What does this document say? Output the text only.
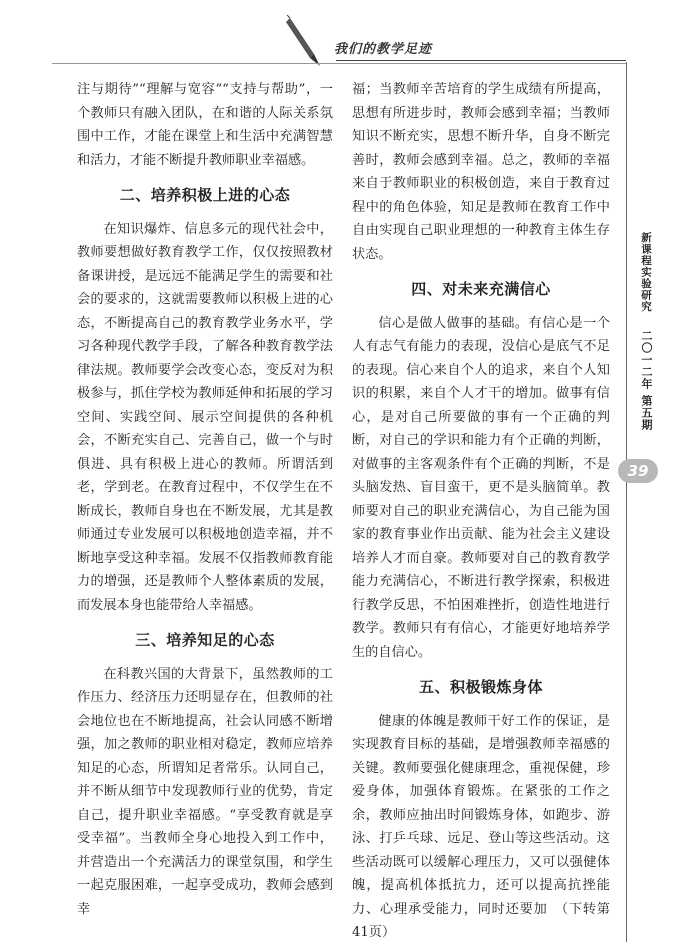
我们的教学足迹

注与期待”“理解与宽容”“支持与帮助”，一个教师只有融入团队，在和谐的人际关系氛围中工作，才能在课堂上和生活中充满智慧和活力，才能不断提升教师职业幸福感。

二、培养积极上进的心态

在知识爆炸、信息多元的现代社会中，教师要想做好教育教学工作，仅仅按照教材备课讲授，是远远不能满足学生的需要和社会的要求的，这就需要教师以积极上进的心态，不断提高自己的教育教学业务水平，学习各种现代教学手段，了解各种教育教学法律法规。教师要学会改变心态，变反对为积极参与，抓住学校为教师延伸和拓展的学习空间、实践空间、展示空间提供的各种机会，不断充实自己、完善自己，做一个与时俱进、具有积极上进心的教师。所谓活到老，学到老。在教育过程中，不仅学生在不断成长，教师自身也在不断发展，尤其是教师通过专业发展可以积极地创造幸福，并不断地享受这种幸福。发展不仅指教师教育能力的增强，还是教师个人整体素质的发展，而发展本身也能带给人幸福感。

三、培养知足的心态

在科教兴国的大背景下，虽然教师的工作压力、经济压力还明显存在，但教师的社会地位也在不断地提高，社会认同感不断增强，加之教师的职业相对稳定，教师应培养知足的心态，所谓知足者常乐。认同自己，并不断从细节中发现教师行业的优势，肯定自己，提升职业幸福感。“享受教育就是享受幸福”。当教师全身心地投入到工作中，并营造出一个充满活力的课堂氛围，和学生一起克服困难，一起享受成功，教师会感到幸

福；当教师辛苦培育的学生成绩有所提高，思想有所进步时，教师会感到幸福；当教师知识不断充实，思想不断升华，自身不断完善时，教师会感到幸福。总之，教师的幸福来自于教师职业的积极创造，来自于教育过程中的角色体验，知足是教师在教育工作中自由实现自己职业理想的一种教育主体生存状态。

四、对未来充满信心

信心是做人做事的基础。有信心是一个人有志气有能力的表现，没信心是底气不足的表现。信心来自个人的追求，来自个人知识的积累，来自个人才干的增加。做事有信心，是对自己所要做的事有一个正确的判断，对自己的学识和能力有个正确的判断，对做事的主客观条件有个正确的判断，不是头脑发热、盲目蛮干，更不是头脑简单。教师要对自己的职业充满信心，为自己能为国家的教育事业作出贡献、能为社会主义建设培养人才而自豪。教师要对自己的教育教学能力充满信心，不断进行教学探索，积极进行教学反思，不怕困难挫折，创造性地进行教学。教师只有有信心，才能更好地培养学生的自信心。

五、积极锻炼身体

健康的体魄是教师干好工作的保证，是实现教育目标的基础，是增强教师幸福感的关键。教师要强化健康理念，重视保健，珍爱身体，加强体育锻炼。在紧张的工作之余，教师应抽出时间锻炼身体，如跑步、游泳、打乒乓球、远足、登山等这些活动。这些活动既可以缓解心理压力，又可以强健体魄，提高机体抵抗力，还可以提高抗挫能力、心理承受能力，同时还要加　（下转第41页）

新课程实验研究
二〇一二年 第五期
39
